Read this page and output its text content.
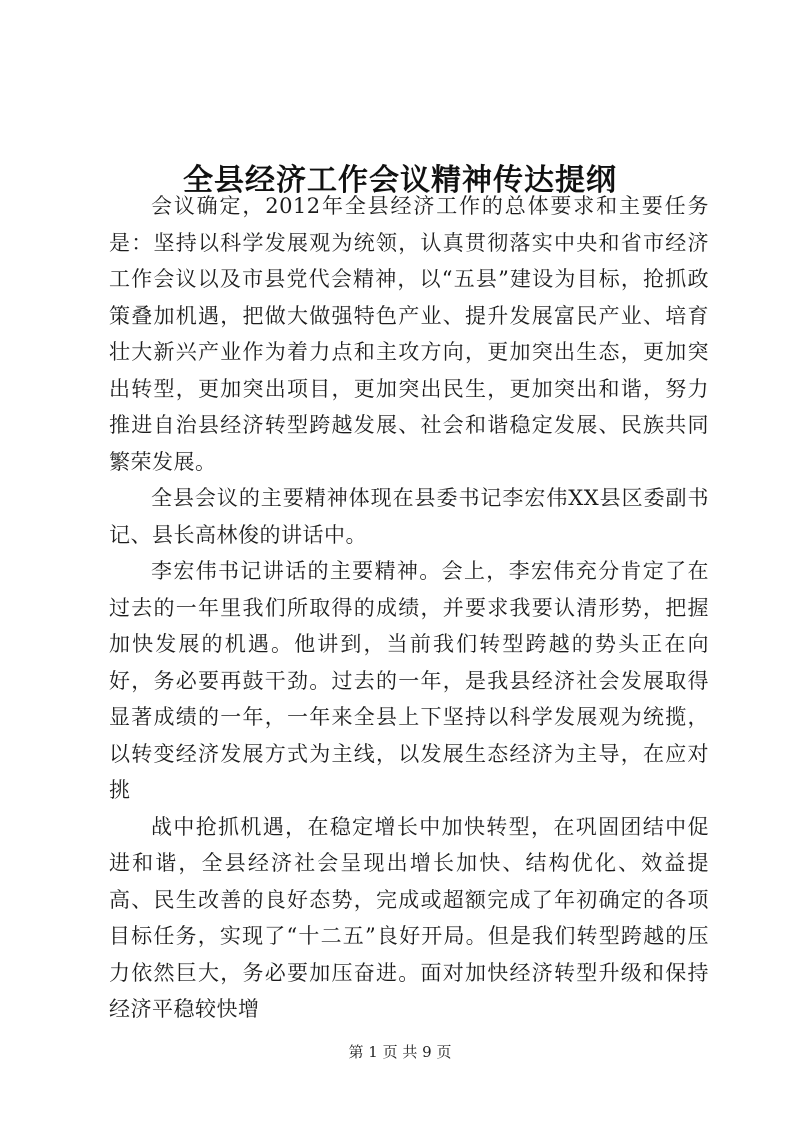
全县经济工作会议精神传达提纲

会议确定，2012年全县经济工作的总体要求和主要任务是：坚持以科学发展观为统领，认真贯彻落实中央和省市经济工作会议以及市县党代会精神，以“五县”建设为目标，抢抓政策叠加机遇，把做大做强特色产业、提升发展富民产业、培育壮大新兴产业作为着力点和主攻方向，更加突出生态，更加突出转型，更加突出项目，更加突出民生，更加突出和谐，努力推进自治县经济转型跨越发展、社会和谐稳定发展、民族共同繁荣发展。

全县会议的主要精神体现在县委书记李宏伟XX县区委副书记、县长高林俊的讲话中。

李宏伟书记讲话的主要精神。会上，李宏伟充分肯定了在过去的一年里我们所取得的成绩，并要求我要认清形势，把握加快发展的机遇。他讲到，当前我们转型跨越的势头正在向好，务必要再鼓干劲。过去的一年，是我县经济社会发展取得显著成绩的一年，一年来全县上下坚持以科学发展观为统揽，以转变经济发展方式为主线，以发展生态经济为主导，在应对挑

战中抢抓机遇，在稳定增长中加快转型，在巩固团结中促进和谐，全县经济社会呈现出增长加快、结构优化、效益提高、民生改善的良好态势，完成或超额完成了年初确定的各项目标任务，实现了“十二五”良好开局。但是我们转型跨越的压力依然巨大，务必要加压奋进。面对加快经济转型升级和保持经济平稳较快增

第 1 页 共 9 页
